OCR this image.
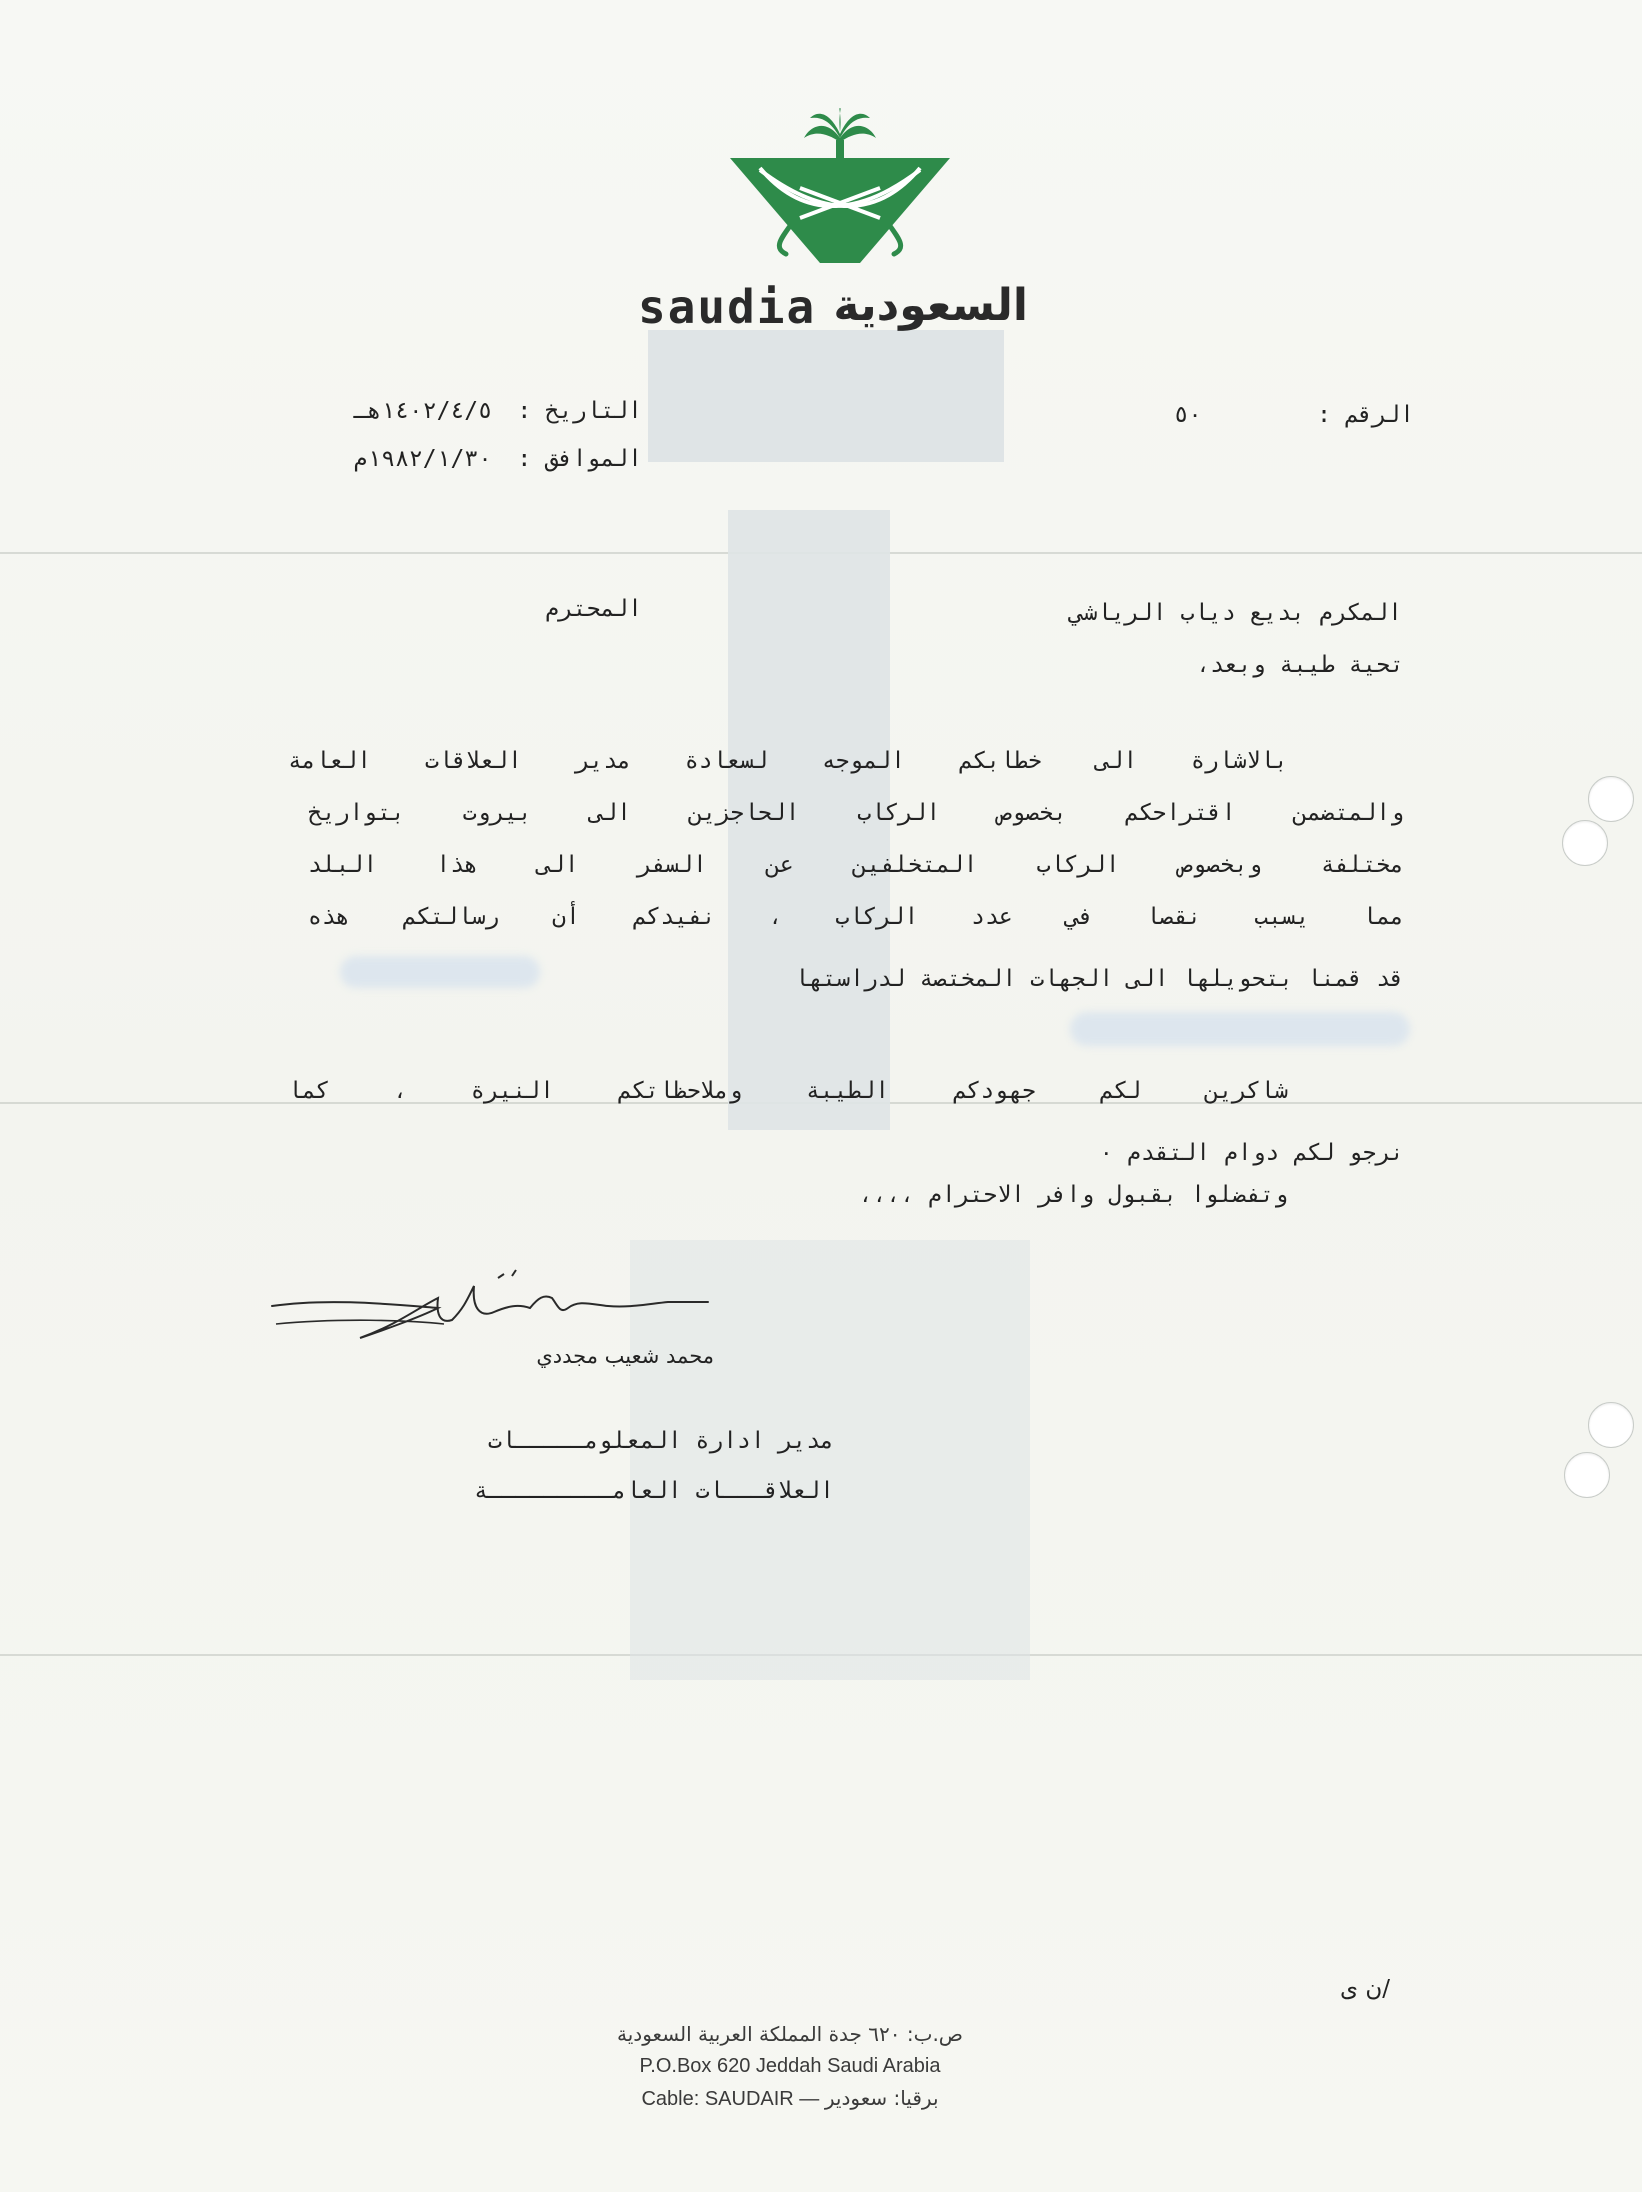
saudia السعودية
الرقم :
٥٠
التاريخ :
١٤٠٢/٤/٥هـ
الموافق :
١٩٨٢/١/٣٠م
المكرم بديع دياب الرياشي
المحترم
تحية طيبة وبعد،
بالاشارة الى خطابكم الموجه لسعادة مدير العلاقات العامة
والمتضمن اقتراحكم بخصوص الركاب الحاجزين الى بيروت بتواريخ
مختلفة وبخصوص الركاب المتخلفين عن السفر الى هذا البلد
مما يسبب نقصا في عدد الركاب ، نفيدكم أن رسالتكم هذه
قد قمنا بتحويلها الى الجهات المختصة لدراستها
شاكرين لكم جهودكم الطيبة وملاحظاتكم النيرة ، كما
نرجو لكم دوام التقدم ٠
وتفضلوا بقبول وافر الاحترام ،،،،
محمد شعيب مجددي
مدير ادارة المعلومـــــات
العلاقـــات العامـــــــــة
/ن ى
ص.ب: ٦٢٠ جدة المملكة العربية السعودية
P.O.Box 620 Jeddah Saudi Arabia
Cable: SAUDAIR — برقيا: سعودير
